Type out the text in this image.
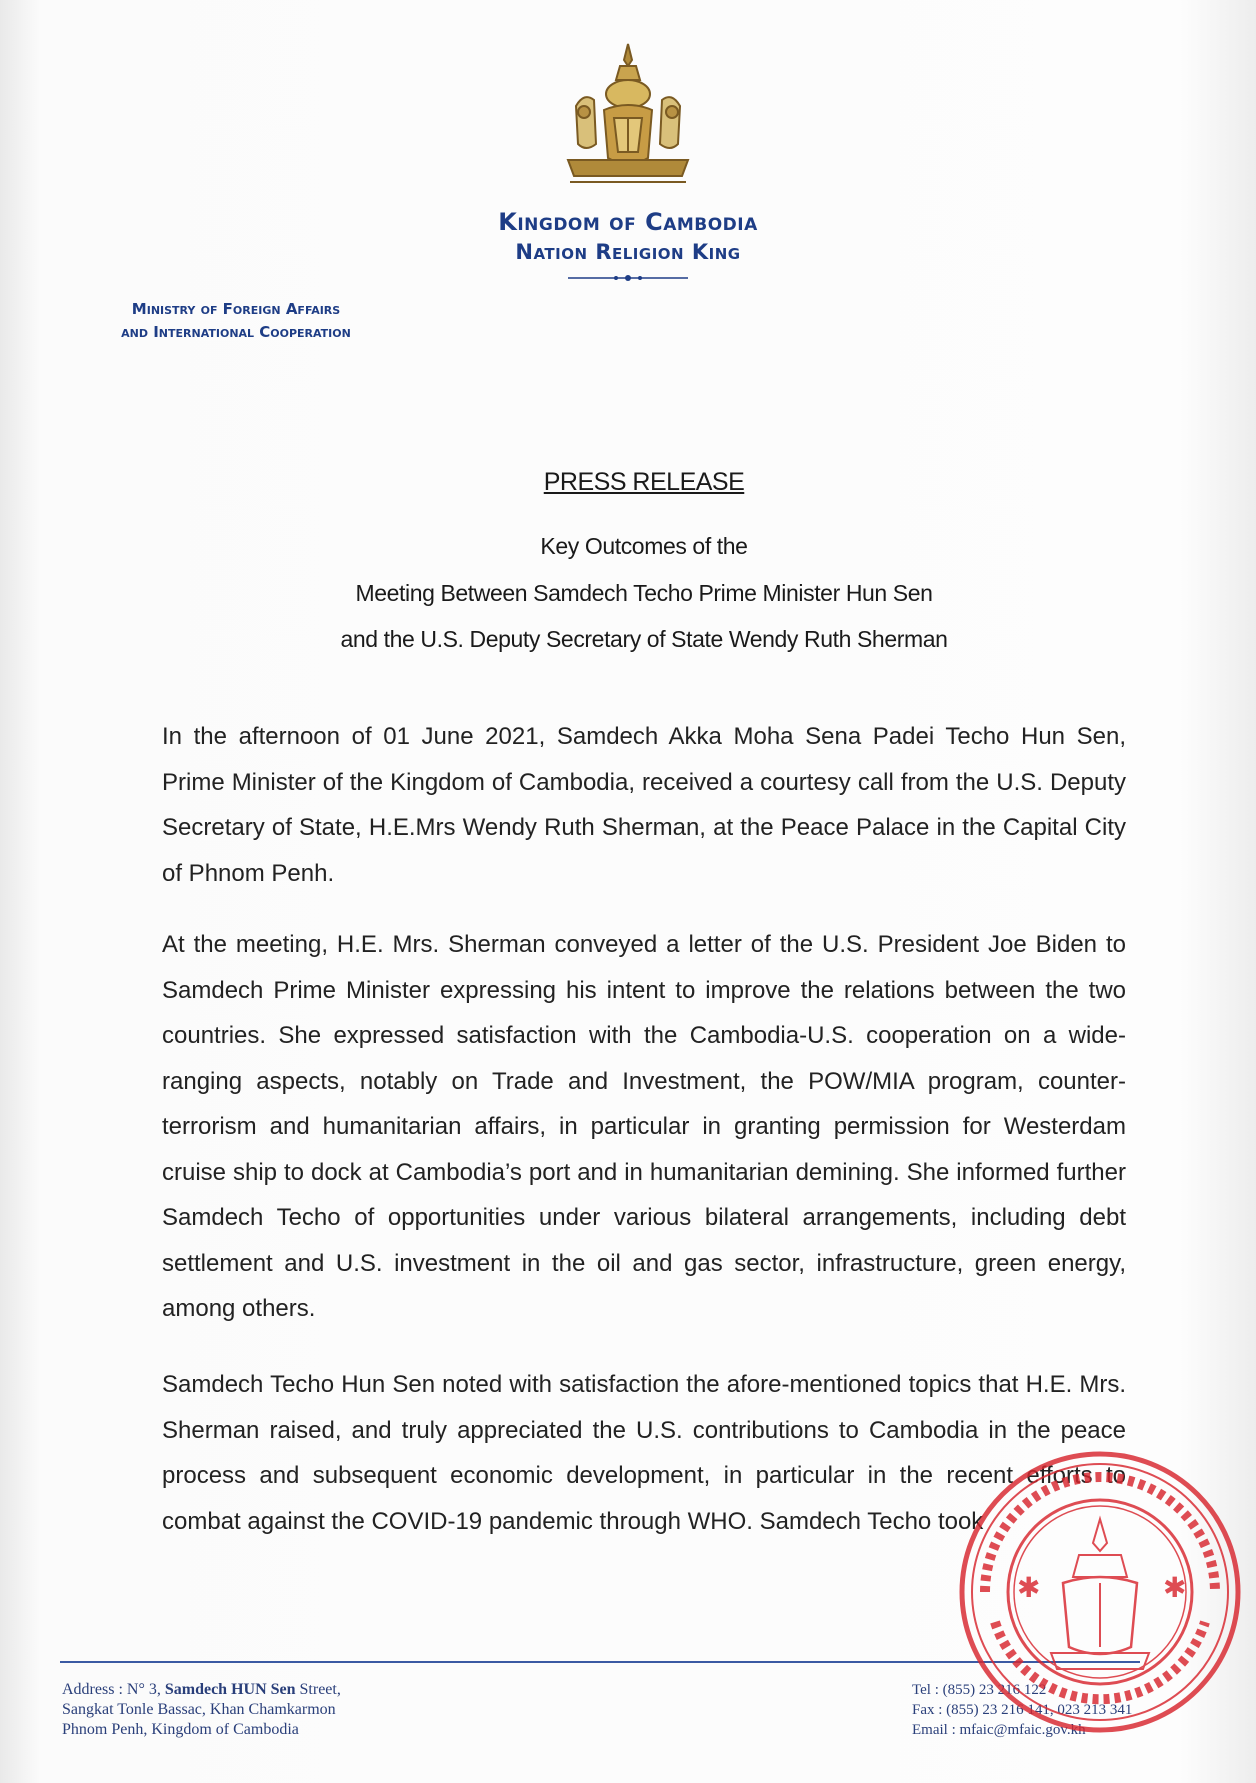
Kingdom of Cambodia
Nation Religion King
Ministry of Foreign Affairs
and International Cooperation
PRESS RELEASE
Key Outcomes of the
Meeting Between Samdech Techo Prime Minister Hun Sen
and the U.S. Deputy Secretary of State Wendy Ruth Sherman
In the afternoon of 01 June 2021, Samdech Akka Moha Sena Padei Techo Hun Sen, Prime Minister of the Kingdom of Cambodia, received a courtesy call from the U.S. Deputy Secretary of State, H.E.Mrs Wendy Ruth Sherman, at the Peace Palace in the Capital City of Phnom Penh.
At the meeting, H.E. Mrs. Sherman conveyed a letter of the U.S. President Joe Biden to Samdech Prime Minister expressing his intent to improve the relations between the two countries. She expressed satisfaction with the Cambodia-U.S. cooperation on a wide-ranging aspects, notably on Trade and Investment, the POW/MIA program, counter-terrorism and humanitarian affairs, in particular in granting permission for Westerdam cruise ship to dock at Cambodia’s port and in humanitarian demining. She informed further Samdech Techo of opportunities under various bilateral arrangements, including debt settlement and U.S. investment in the oil and gas sector, infrastructure, green energy, among others.
Samdech Techo Hun Sen noted with satisfaction the afore-mentioned topics that H.E. Mrs. Sherman raised, and truly appreciated the U.S. contributions to Cambodia in the peace process and subsequent economic development, in particular in the recent efforts to combat against the COVID-19 pandemic through WHO. Samdech Techo took
Address : N° 3, Samdech HUN Sen Street,
Sangkat Tonle Bassac, Khan Chamkarmon
Phnom Penh, Kingdom of Cambodia
Tel : (855) 23 216 122
Fax : (855) 23 216 141, 023 213 341
Email : mfaic@mfaic.gov.kh
✱	✱
